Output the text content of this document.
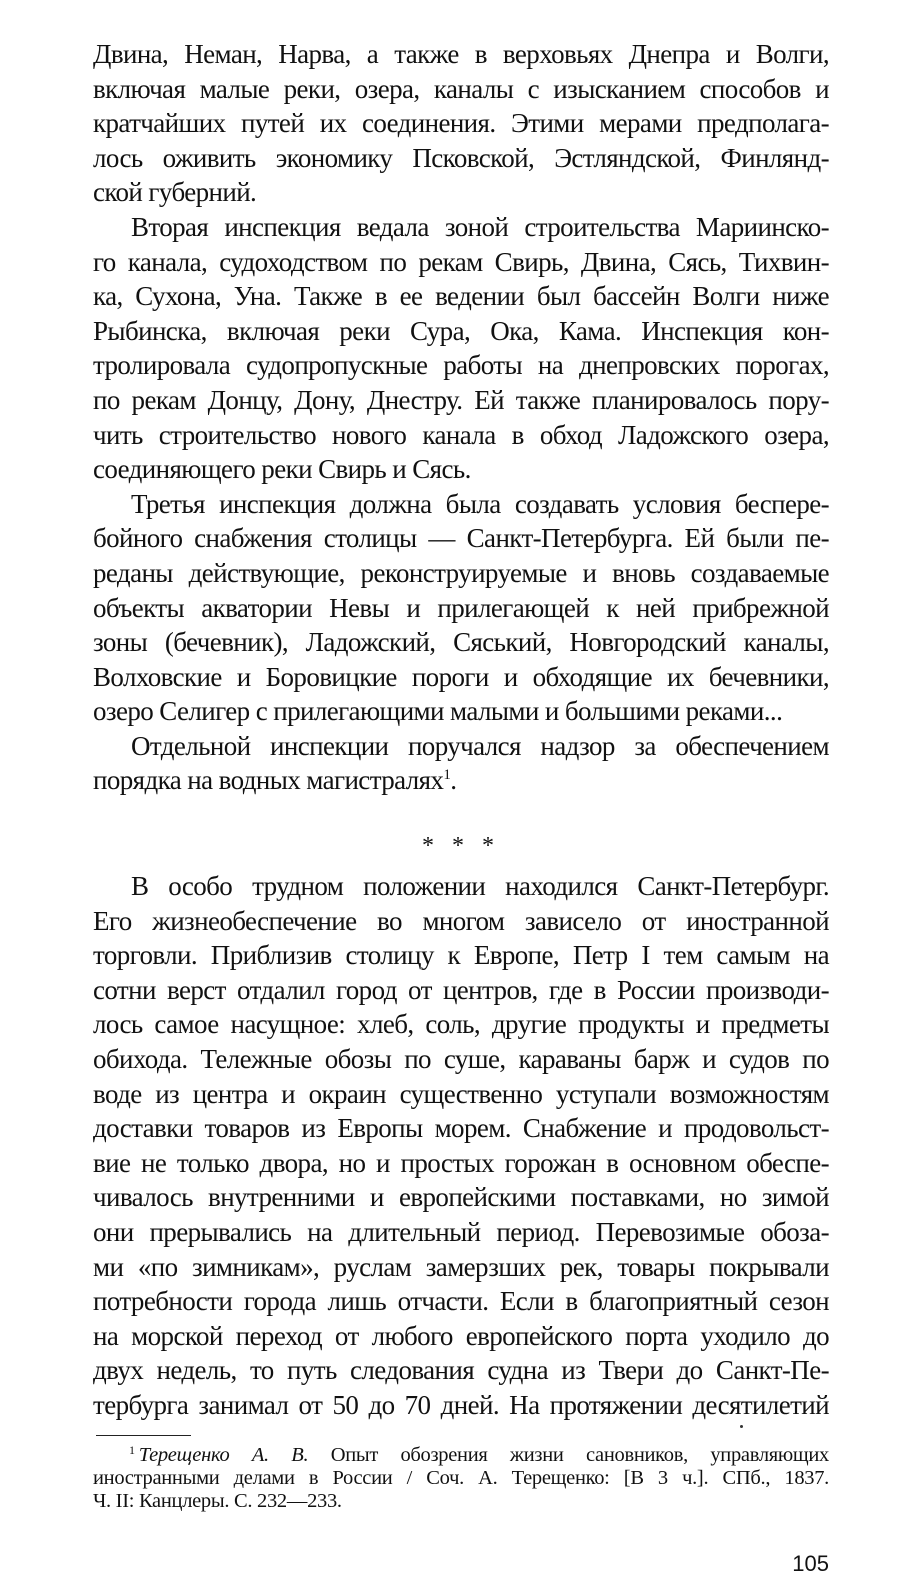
Двина, Неман, Нарва, а также в верховьях Днепра и Волги,
включая малые реки, озера, каналы с изысканием способов и
кратчайших путей их соединения. Этими мерами предполага-
лось оживить экономику Псковской, Эстляндской, Финлянд-
ской губерний.
Вторая инспекция ведала зоной строительства Мариинско-
го канала, судоходством по рекам Свирь, Двина, Сясь, Тихвин-
ка, Сухона, Уна. Также в ее ведении был бассейн Волги ниже
Рыбинска, включая реки Сура, Ока, Кама. Инспекция кон-
тролировала судопропускные работы на днепровских порогах,
по рекам Донцу, Дону, Днестру. Ей также планировалось пору-
чить строительство нового канала в обход Ладожского озера,
соединяющего реки Свирь и Сясь.
Третья инспекция должна была создавать условия беспере-
бойного снабжения столицы — Санкт-Петербурга. Ей были пе-
реданы действующие, реконструируемые и вновь создаваемые
объекты акватории Невы и прилегающей к ней прибрежной
зоны (бечевник), Ладожский, Сяський, Новгородский каналы,
Волховские и Боровицкие пороги и обходящие их бечевники,
озеро Селигер с прилегающими малыми и большими реками...
Отдельной инспекции поручался надзор за обеспечением
порядка на водных магистралях$^1$.
* * *
В особо трудном положении находился Санкт-Петербург.
Его жизнеобеспечение во многом зависело от иностранной
торговли. Приблизив столицу к Европе, Петр I тем самым на
сотни верст отдалил город от центров, где в России производи-
лось самое насущное: хлеб, соль, другие продукты и предметы
обихода. Тележные обозы по суше, караваны барж и судов по
воде из центра и окраин существенно уступали возможностям
доставки товаров из Европы морем. Снабжение и продовольст-
вие не только двора, но и простых горожан в основном обеспе-
чивалось внутренними и европейскими поставками, но зимой
они прерывались на длительный период. Перевозимые обоза-
ми «по зимникам», руслам замерзших рек, товары покрывали
потребности города лишь отчасти. Если в благоприятный сезон
на морской переход от любого европейского порта уходило до
двух недель, то путь следования судна из Твери до Санкт-Пе-
тербурга занимал от 50 до 70 дней. На протяжении десятилетий
$^1$ Терещенко А. В. Опыт обозрения жизни сановников, управляющих
иностранными делами в России / Соч. А. Терещенко: [В 3 ч.]. СПб., 1837.
Ч. II: Канцлеры. С. 232—233.
105
